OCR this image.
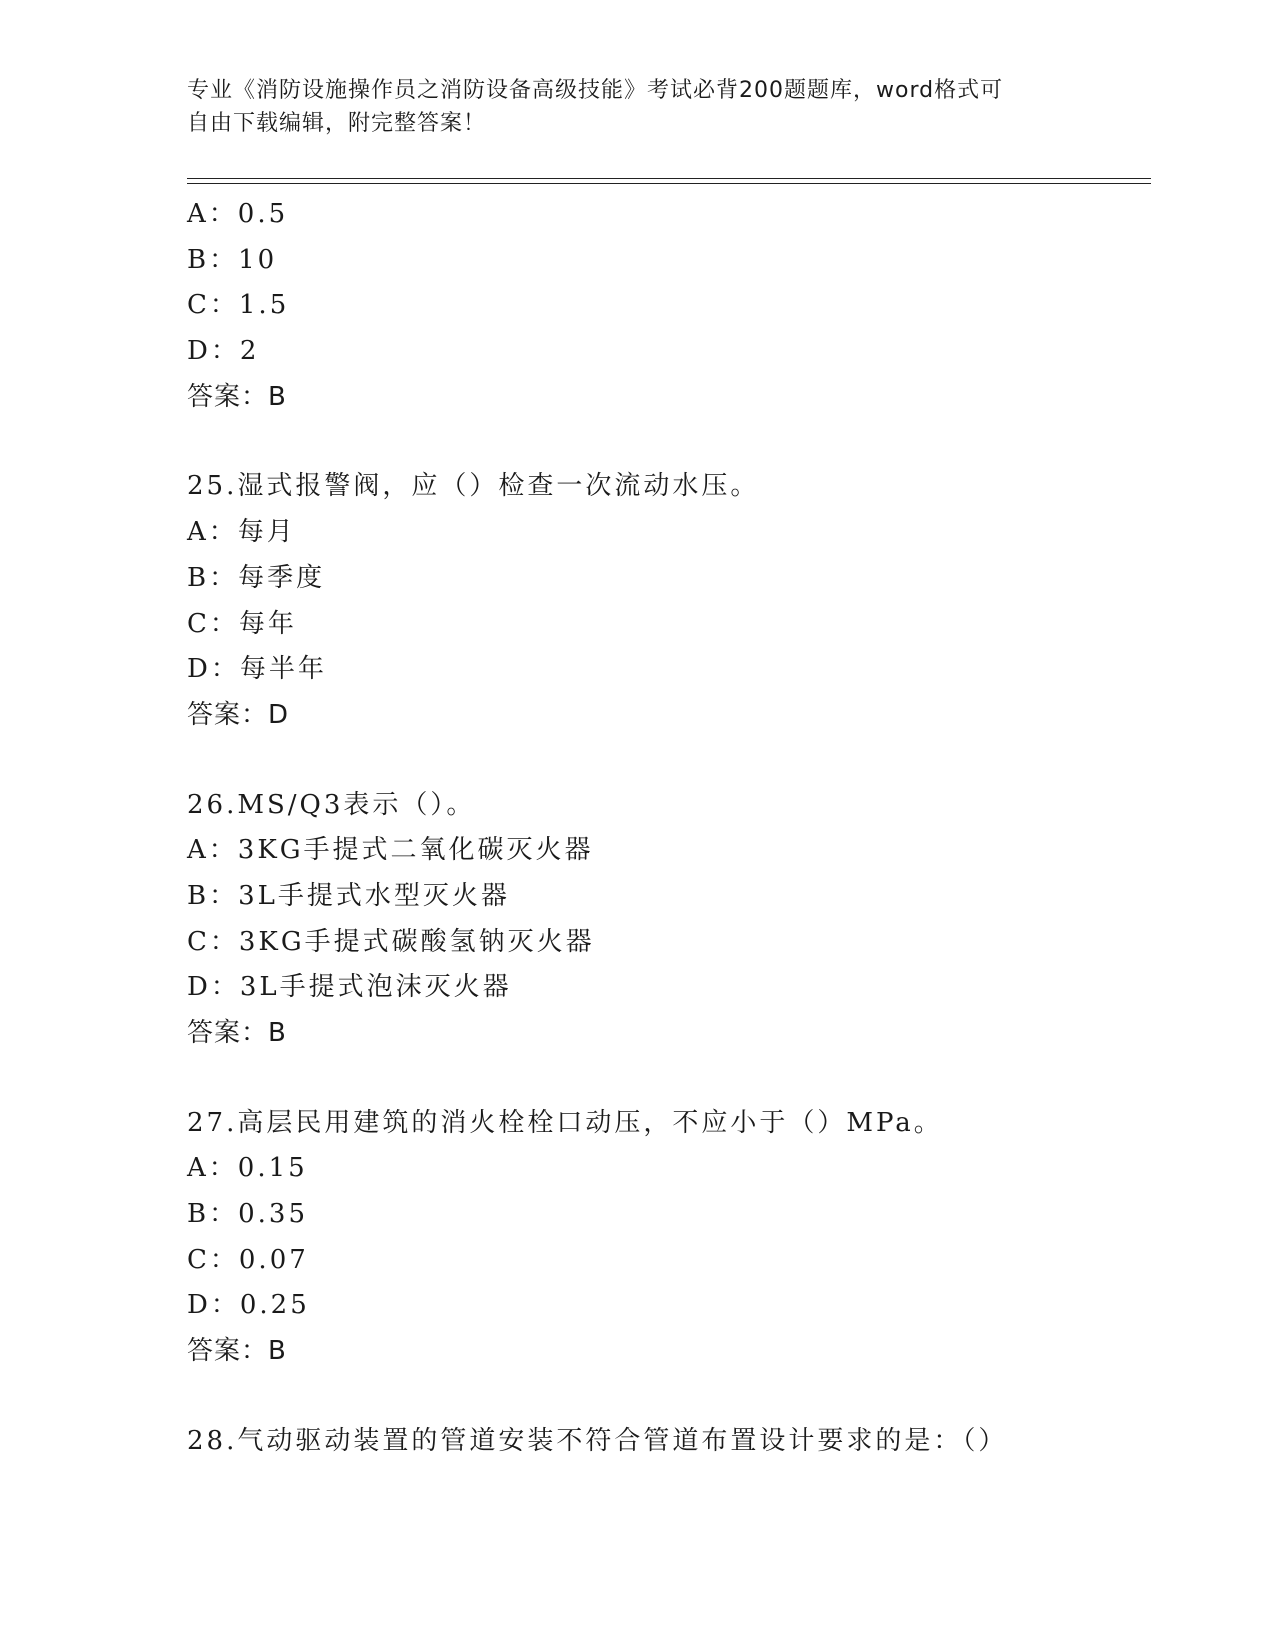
专业《消防设施操作员之消防设备高级技能》考试必背200题题库，word格式可
自由下载编辑，附完整答案！
A：0.5
B：10
C：1.5
D：2
答案：B
25.湿式报警阀，应（）检查一次流动水压。
A：每月
B：每季度
C：每年
D：每半年
答案：D
26.MS/Q3表示（）。
A：3KG手提式二氧化碳灭火器
B：3L手提式水型灭火器
C：3KG手提式碳酸氢钠灭火器
D：3L手提式泡沫灭火器
答案：B
27.高层民用建筑的消火栓栓口动压，不应小于（）MPa。
A：0.15
B：0.35
C：0.07
D：0.25
答案：B
28.气动驱动装置的管道安装不符合管道布置设计要求的是：（）
